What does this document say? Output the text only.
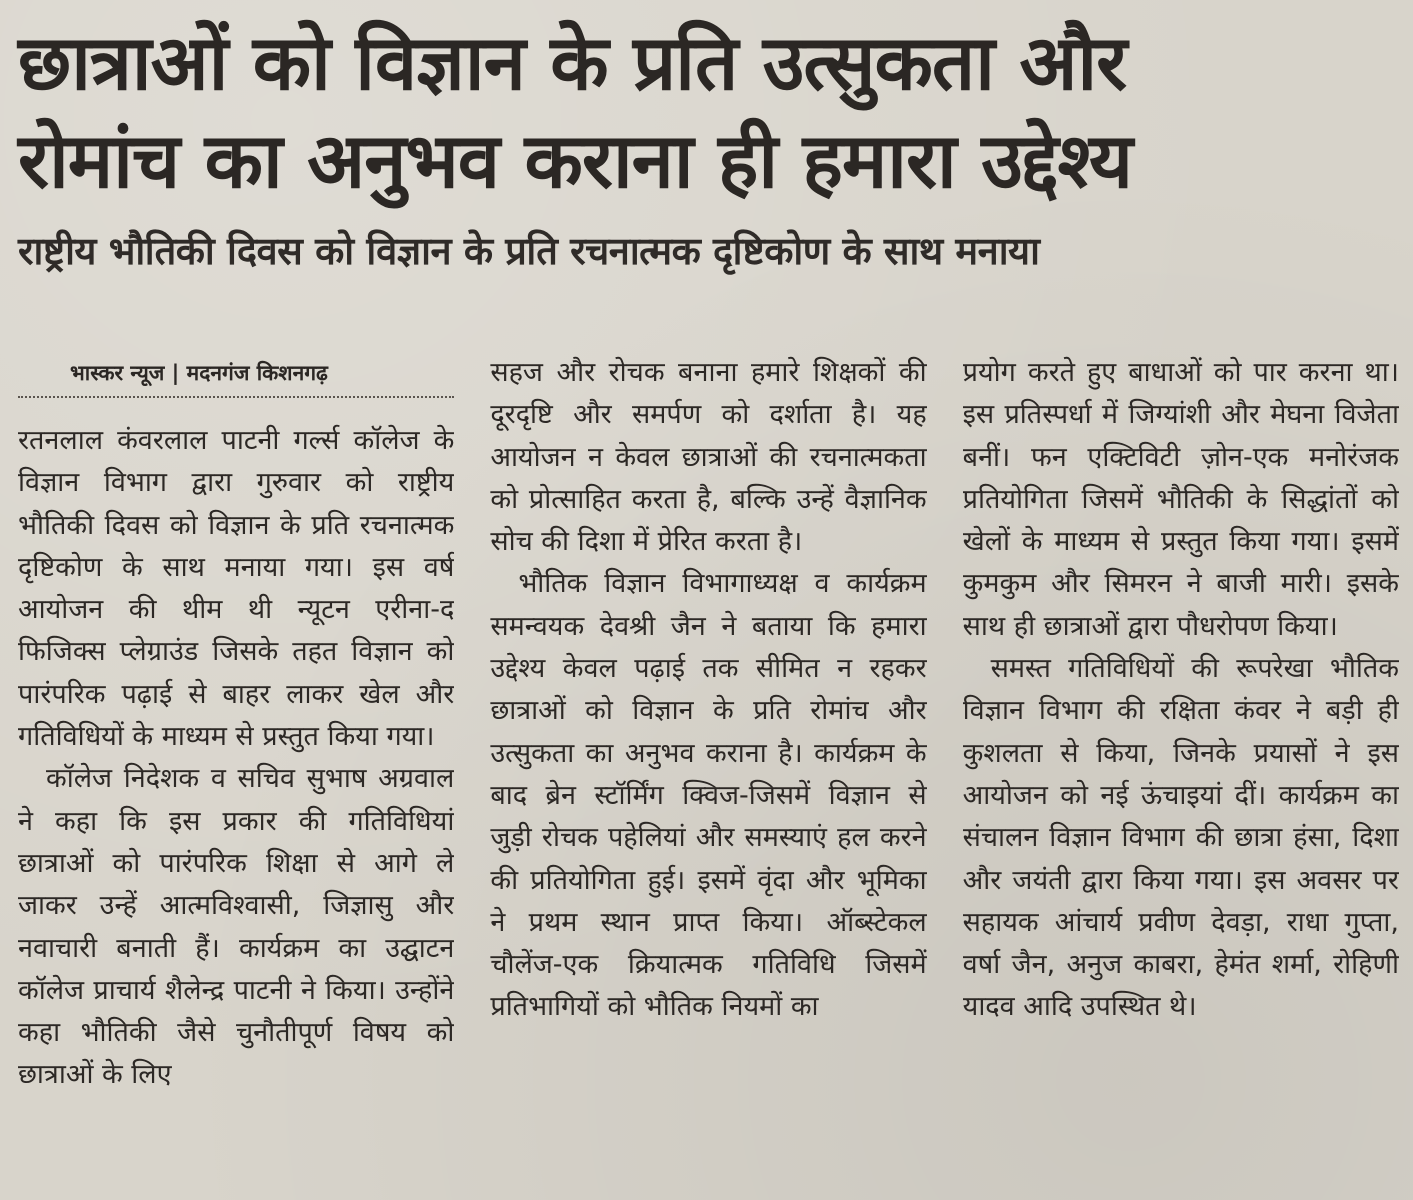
छात्राओं को विज्ञान के प्रति उत्सुकता और
रोमांच का अनुभव कराना ही हमारा उद्देश्य
राष्ट्रीय भौतिकी दिवस को विज्ञान के प्रति रचनात्मक दृष्टिकोण के साथ मनाया
भास्कर न्यूज | मदनगंज किशनगढ़

रतनलाल कंवरलाल पाटनी गर्ल्स कॉलेज के विज्ञान विभाग द्वारा गुरुवार को राष्ट्रीय भौतिकी दिवस को विज्ञान के प्रति रचनात्मक दृष्टिकोण के साथ मनाया गया। इस वर्ष आयोजन की थीम थी न्यूटन एरीना-द फिजिक्स प्लेग्राउंड जिसके तहत विज्ञान को पारंपरिक पढ़ाई से बाहर लाकर खेल और गतिविधियों के माध्यम से प्रस्तुत किया गया।

कॉलेज निदेशक व सचिव सुभाष अग्रवाल ने कहा कि इस प्रकार की गतिविधियां छात्राओं को पारंपरिक शिक्षा से आगे ले जाकर उन्हें आत्मविश्वासी, जिज्ञासु और नवाचारी बनाती हैं। कार्यक्रम का उद्घाटन कॉलेज प्राचार्य शैलेन्द्र पाटनी ने किया। उन्होंने कहा भौतिकी जैसे चुनौतीपूर्ण विषय को छात्राओं के लिए

सहज और रोचक बनाना हमारे शिक्षकों की दूरदृष्टि और समर्पण को दर्शाता है। यह आयोजन न केवल छात्राओं की रचनात्मकता को प्रोत्साहित करता है, बल्कि उन्हें वैज्ञानिक सोच की दिशा में प्रेरित करता है।

भौतिक विज्ञान विभागाध्यक्ष व कार्यक्रम समन्वयक देवश्री जैन ने बताया कि हमारा उद्देश्य केवल पढ़ाई तक सीमित न रहकर छात्राओं को विज्ञान के प्रति रोमांच और उत्सुकता का अनुभव कराना है। कार्यक्रम के बाद ब्रेन स्टॉर्मिंग क्विज-जिसमें विज्ञान से जुड़ी रोचक पहेलियां और समस्याएं हल करने की प्रतियोगिता हुई। इसमें वृंदा और भूमिका ने प्रथम स्थान प्राप्त किया। ऑब्स्टेकल चौलेंज-एक क्रियात्मक गतिविधि जिसमें प्रतिभागियों को भौतिक नियमों का

प्रयोग करते हुए बाधाओं को पार करना था। इस प्रतिस्पर्धा में जिग्यांशी और मेघना विजेता बनीं। फन एक्टिविटी ज़ोन-एक मनोरंजक प्रतियोगिता जिसमें भौतिकी के सिद्धांतों को खेलों के माध्यम से प्रस्तुत किया गया। इसमें कुमकुम और सिमरन ने बाजी मारी। इसके साथ ही छात्राओं द्वारा पौधरोपण किया।

समस्त गतिविधियों की रूपरेखा भौतिक विज्ञान विभाग की रक्षिता कंवर ने बड़ी ही कुशलता से किया, जिनके प्रयासों ने इस आयोजन को नई ऊंचाइयां दीं। कार्यक्रम का संचालन विज्ञान विभाग की छात्रा हंसा, दिशा और जयंती द्वारा किया गया। इस अवसर पर सहायक आंचार्य प्रवीण देवड़ा, राधा गुप्ता, वर्षा जैन, अनुज काबरा, हेमंत शर्मा, रोहिणी यादव आदि उपस्थित थे।
